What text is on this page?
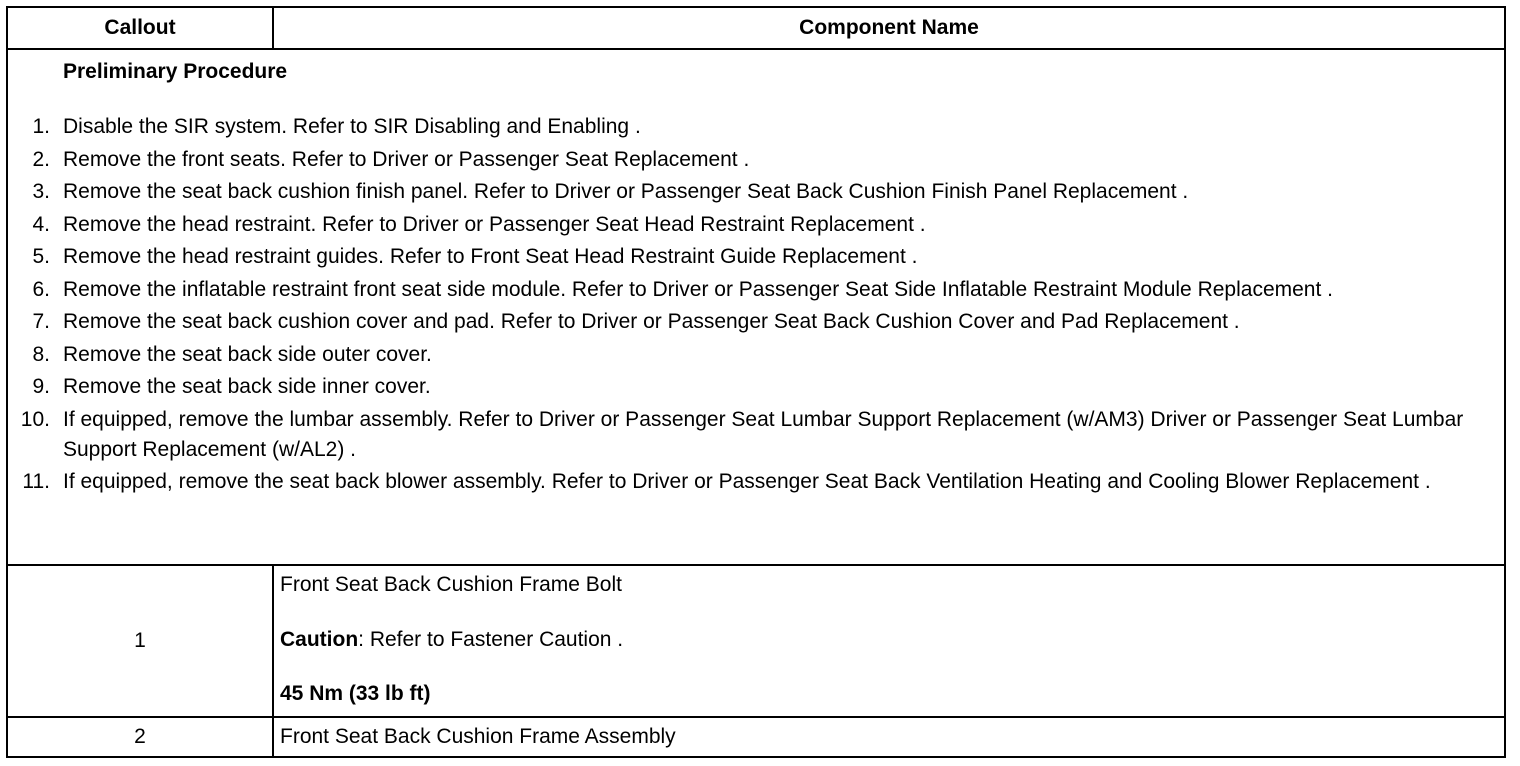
Callout	Component Name
Preliminary Procedure
1. Disable the SIR system. Refer to SIR Disabling and Enabling .
2. Remove the front seats. Refer to Driver or Passenger Seat Replacement .
3. Remove the seat back cushion finish panel. Refer to Driver or Passenger Seat Back Cushion Finish Panel Replacement .
4. Remove the head restraint. Refer to Driver or Passenger Seat Head Restraint Replacement .
5. Remove the head restraint guides. Refer to Front Seat Head Restraint Guide Replacement .
6. Remove the inflatable restraint front seat side module. Refer to Driver or Passenger Seat Side Inflatable Restraint Module Replacement .
7. Remove the seat back cushion cover and pad. Refer to Driver or Passenger Seat Back Cushion Cover and Pad Replacement .
8. Remove the seat back side outer cover.
9. Remove the seat back side inner cover.
10. If equipped, remove the lumbar assembly. Refer to Driver or Passenger Seat Lumbar Support Replacement (w/AM3) Driver or Passenger Seat Lumbar Support Replacement (w/AL2) .
11. If equipped, remove the seat back blower assembly. Refer to Driver or Passenger Seat Back Ventilation Heating and Cooling Blower Replacement .
1
Front Seat Back Cushion Frame Bolt
Caution: Refer to Fastener Caution .
45 Nm (33 lb ft)
2	Front Seat Back Cushion Frame Assembly
